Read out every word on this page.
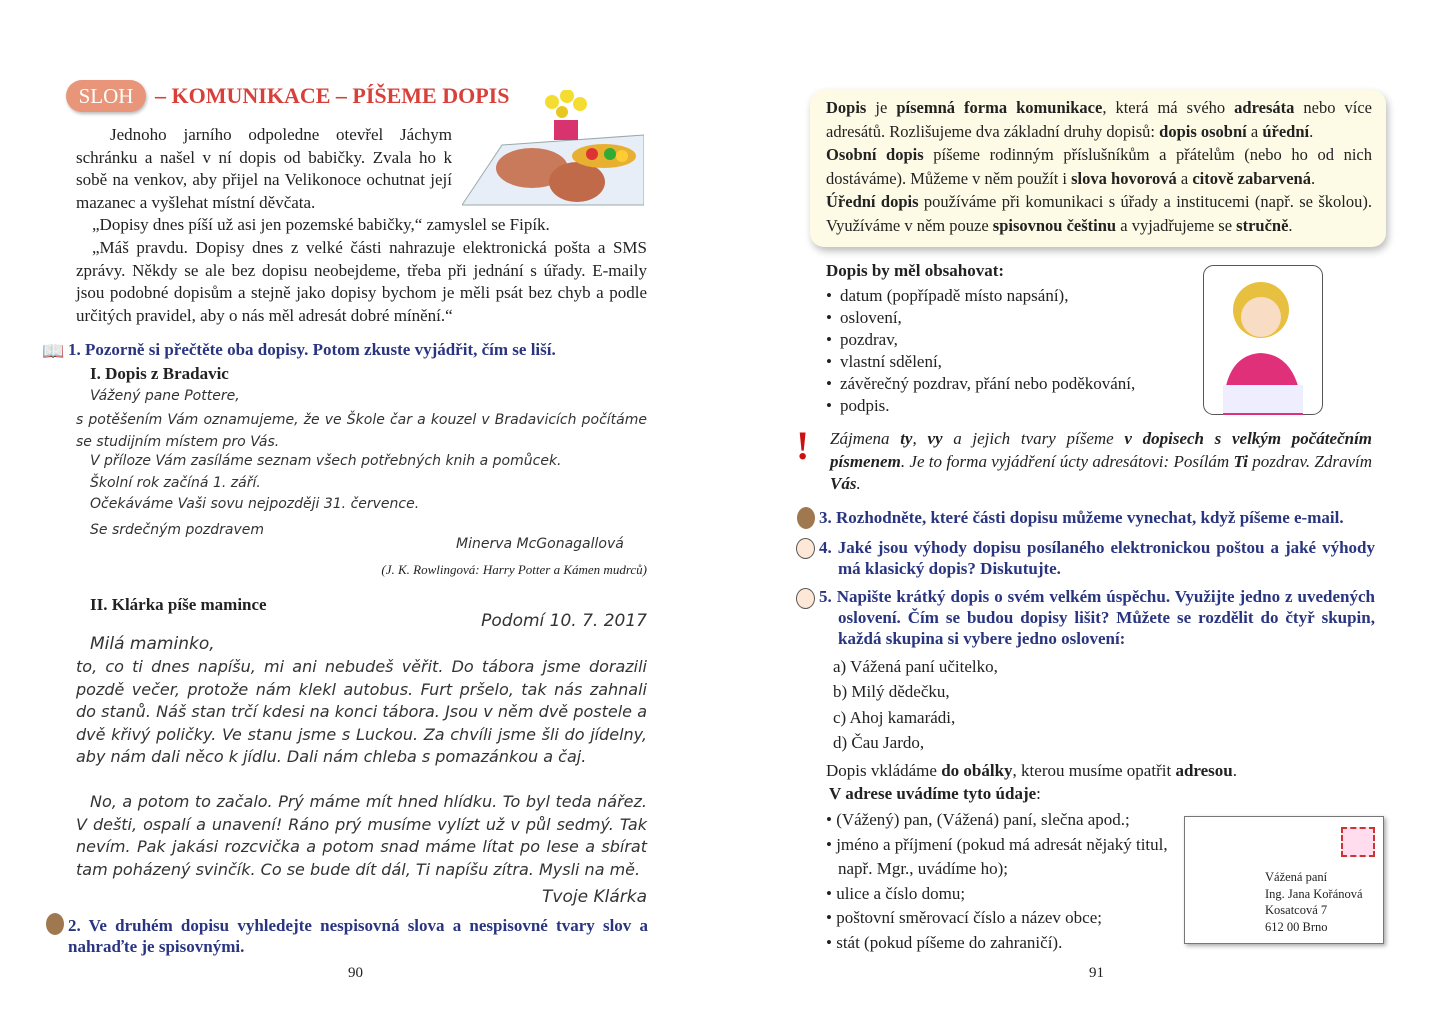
SLOH – KOMUNIKACE – PÍŠEME DOPIS
Jednoho jarního odpoledne otevřel Jáchym schránku a našel v ní dopis od babičky. Zvala ho k sobě na venkov, aby přijel na Velikonoce ochutnat její mazanec a vyšlehat místní děvčata.
„Dopisy dnes píší už asi jen pozemské babičky,“ zamyslel se Fipík.
„Máš pravdu. Dopisy dnes z velké části nahrazuje elektronická pošta a SMS zprávy. Někdy se ale bez dopisu neobejdeme, třeba při jednání s úřady. E-maily jsou podobné dopisům a stejně jako dopisy bychom je měli psát bez chyb a podle určitých pravidel, aby o nás měl adresát dobré mínění.“
📖 1. Pozorně si přečtěte oba dopisy. Potom zkuste vyjádřit, čím se liší.
I. Dopis z Bradavic
Vážený pane Pottere,
s potěšením Vám oznamujeme, že ve Škole čar a kouzel v Bradavicích počítáme se studijním místem pro Vás.
V příloze Vám zasíláme seznam všech potřebných knih a pomůcek.
Školní rok začíná 1. září.
Očekáváme Vaši sovu nejpozději 31. července.
Se srdečným pozdravem
Minerva McGonagallová
(J. K. Rowlingová: Harry Potter a Kámen mudrců)
II. Klárka píše mamince
Podomí 10. 7. 2017
Milá maminko,
to, co ti dnes napíšu, mi ani nebudeš věřit. Do tábora jsme dorazili pozdě večer, protože nám klekl autobus. Furt pršelo, tak nás zahnali do stanů. Náš stan trčí kdesi na konci tábora. Jsou v něm dvě postele a dvě křivý poličky. Ve stanu jsme s Luckou. Za chvíli jsme šli do jídelny, aby nám dali něco k jídlu. Dali nám chleba s pomazánkou a čaj.
No, a potom to začalo. Prý máme mít hned hlídku. To byl teda nářez. V dešti, ospalí a unavení! Ráno prý musíme vylízt už v půl sedmý. Tak nevím. Pak jakási rozcvička a potom snad máme lítat po lese a sbírat tam poházený svinčík. Co se bude dít dál, Ti napíšu zítra. Mysli na mě.
Tvoje Klárka
2. Ve druhém dopisu vyhledejte nespisovná slova a nespisovné tvary slov a nahraďte je spisovnými.
90
Dopis je písemná forma komunikace, která má svého adresáta nebo více adresátů. Rozlišujeme dva základní druhy dopisů: dopis osobní a úřední.
Osobní dopis píšeme rodinným příslušníkům a přátelům (nebo ho od nich dostáváme). Můžeme v něm použít i slova hovorová a citově zabarvená.
Úřední dopis používáme při komunikaci s úřady a institucemi (např. se školou). Využíváme v něm pouze spisovnou češtinu a vyjadřujeme se stručně.
Dopis by měl obsahovat:
• datum (popřípadě místo napsání),
• oslovení,
• pozdrav,
• vlastní sdělení,
• závěrečný pozdrav, přání nebo poděkování,
• podpis.
! Zájmena ty, vy a jejich tvary píšeme v dopisech s velkým počátečním písmenem. Je to forma vyjádření úcty adresátovi: Posílám Ti pozdrav. Zdravím Vás.
3. Rozhodněte, které části dopisu můžeme vynechat, když píšeme e-mail.
4. Jaké jsou výhody dopisu posílaného elektronickou poštou a jaké výhody má klasický dopis? Diskutujte.
5. Napište krátký dopis o svém velkém úspěchu. Využijte jedno z uvedených oslovení. Čím se budou dopisy lišit? Můžete se rozdělit do čtyř skupin, každá skupina si vybere jedno oslovení:
a) Vážená paní učitelko,
b) Milý dědečku,
c) Ahoj kamarádi,
d) Čau Jardo,
Dopis vkládáme do obálky, kterou musíme opatřit adresou.
V adrese uvádíme tyto údaje:
• (Vážený) pan, (Vážená) paní, slečna apod.;
• jméno a příjmení (pokud má adresát nějaký titul, např. Mgr., uvádíme ho);
• ulice a číslo domu;
• poštovní směrovací číslo a název obce;
• stát (pokud píšeme do zahraničí).
Vážená paní
Ing. Jana Kořánová
Kosatcová 7
612 00 Brno
91
